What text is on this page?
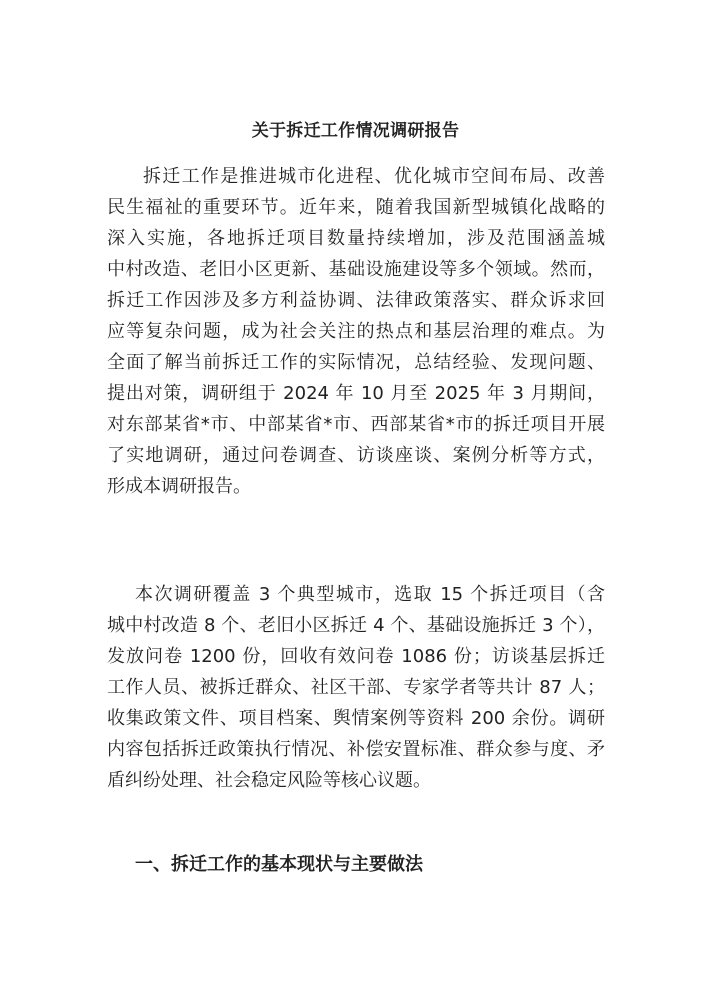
关于拆迁工作情况调研报告
拆迁工作是推进城市化进程、优化城市空间布局、改善
民生福祉的重要环节。近年来，随着我国新型城镇化战略的
深入实施，各地拆迁项目数量持续增加，涉及范围涵盖城
中村改造、老旧小区更新、基础设施建设等多个领域。然而，
拆迁工作因涉及多方利益协调、法律政策落实、群众诉求回
应等复杂问题，成为社会关注的热点和基层治理的难点。为
全面了解当前拆迁工作的实际情况，总结经验、发现问题、
提出对策，调研组于 2024 年 10 月至 2025 年 3 月期间，
对东部某省*市、中部某省*市、西部某省*市的拆迁项目开展
了实地调研，通过问卷调查、访谈座谈、案例分析等方式，
形成本调研报告。
本次调研覆盖 3 个典型城市，选取 15 个拆迁项目（含
城中村改造 8 个、老旧小区拆迁 4 个、基础设施拆迁 3 个），
发放问卷 1200 份，回收有效问卷 1086 份；访谈基层拆迁
工作人员、被拆迁群众、社区干部、专家学者等共计 87 人；
收集政策文件、项目档案、舆情案例等资料 200 余份。调研
内容包括拆迁政策执行情况、补偿安置标准、群众参与度、矛
盾纠纷处理、社会稳定风险等核心议题。
一、拆迁工作的基本现状与主要做法
